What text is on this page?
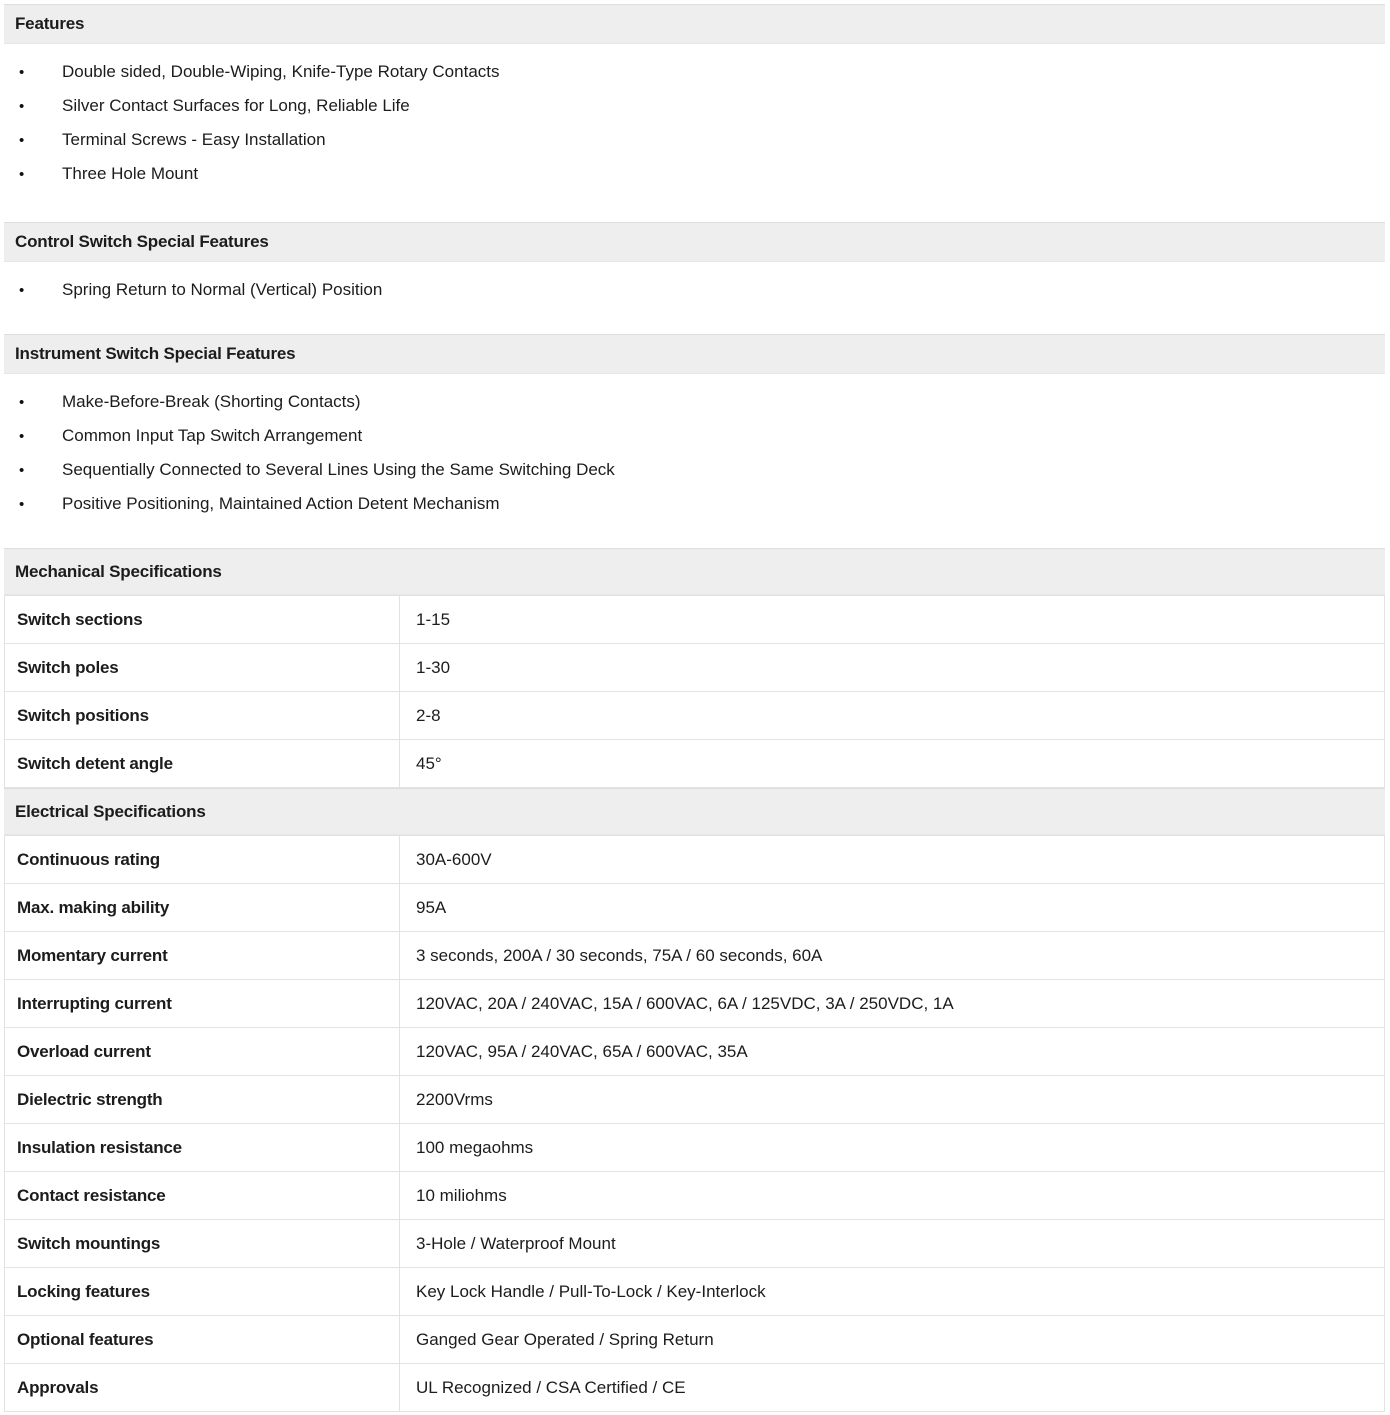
Features
•	Double sided, Double-Wiping, Knife-Type Rotary Contacts
•	Silver Contact Surfaces for Long, Reliable Life
•	Terminal Screws - Easy Installation
•	Three Hole Mount
Control Switch Special Features
•	Spring Return to Normal (Vertical) Position
Instrument Switch Special Features
•	Make-Before-Break (Shorting Contacts)
•	Common Input Tap Switch Arrangement
•	Sequentially Connected to Several Lines Using the Same Switching Deck
•	Positive Positioning, Maintained Action Detent Mechanism
Mechanical Specifications
Switch sections	1-15
Switch poles	1-30
Switch positions	2-8
Switch detent angle	45°
Electrical Specifications
Continuous rating	30A-600V
Max. making ability	95A
Momentary current	3 seconds, 200A / 30 seconds, 75A / 60 seconds, 60A
Interrupting current	120VAC, 20A / 240VAC, 15A / 600VAC, 6A / 125VDC, 3A / 250VDC, 1A
Overload current	120VAC, 95A / 240VAC, 65A / 600VAC, 35A
Dielectric strength	2200Vrms
Insulation resistance	100 megaohms
Contact resistance	10 miliohms
Switch mountings	3-Hole / Waterproof Mount
Locking features	Key Lock Handle / Pull-To-Lock / Key-Interlock
Optional features	Ganged Gear Operated / Spring Return
Approvals	UL Recognized / CSA Certified / CE
